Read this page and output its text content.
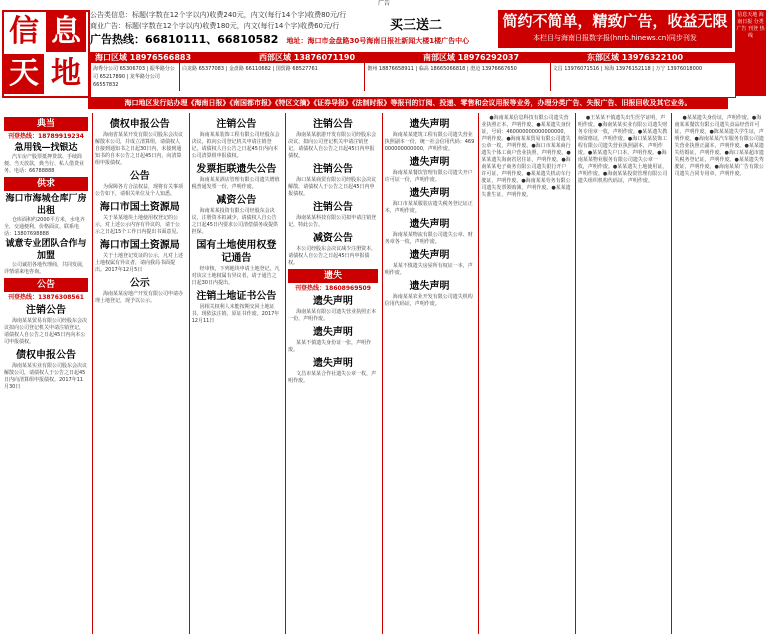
广告
信 息
天 地
公告类信息：标题(字数在12个字以内)收费240元，内文(每行14个字)收费80元/行
商业广告：标题(字数在12个字以内)收费180元，内文(每行14个字)收费60元/行
广告热线：66810111、66810582 地址：海口市金盘路30号海南日报社新闻大楼1楼广告中心
买三送二	简约不简单，精致广告，收益无限
本栏目与海南日报数字报(hnrb.hinews.cn)同步刊发
信息天地 海南日报 分类广告 刊登 热线
海口区域 18976566883	西部区域 13876071190	南部区域 18976292037	东部区域 13976322100
海秀分公司 65306703 | 振华路分公司 65217890 | 龙华路分公司 66557832
白龙路 65377083 | 金盘路 66110682 | 国贸路 68527761	儋州 18876658911 | 临高 18665066818 | 澄迈 13976667650	文昌 13976071516 | 琼海 13976152118 | 万宁 13976018000
海口地区发行站办理《海南日报》《南国都市报》《特区文摘》《证券导报》《法制时报》等报刊的订阅、投递、零售和会议用报等业务，办理分类广告、失报广告、旧报回收及其它业务。
典当
刊登热线：18789919234
急用钱—找银达
汽车房产股票抵押贷款、手续简便、当天放款，典当行、私人借贷业务。电话：66788888
供求
海口市海城仓库厂房出租
仓库面积约2000平方米，水电齐全，交通便利，价格面议。联系电话：13807698888
诚意专业团队合作与加盟
公司诚招各地代理商，共同发展，详情请来电咨询。
公告
刊登热线：13876308561
注销公告
海南某某贸易有限公司经股东会决议拟向公司登记机关申请注销登记，请债权人自公告之日起45日内向本公司申报债权。
债权申报公告
海南某某实业有限公司股东会决议解散公司，请债权人于公告之日起45日内向清算组申报债权。2017年11月30日
债权申报公告
海南省某某开发有限公司股东会决议解散本公司，并成立清算组，请债权人自接到通知书之日起30日内，未接到通知书的自本公告之日起45日内，向清算组申报债权。
公告
为保障各方合法权益，现将有关事项公告如下，请相关单位及个人知悉。
海口市国土资源局
关于某某地块土地使用权登记的公示，对上述公示内容有异议的，请于公示之日起15个工作日内提出书面意见。
海口市国土资源局
关于土地登记发证的公示，凡对上述土地权属有异议者，请向我局书面提出。2017年12月5日
公示
海南某某房地产开发有限公司申请办理土地登记，现予以公示。
注销公告
海南某某装饰工程有限公司经股东会决议，拟向公司登记机关申请注销登记，请债权人自公告之日起45日内向本公司清算组申报债权。
发票拒联遗失公告
海南某某酒店管理有限公司遗失增值税普通发票一份，声明作废。
减资公告
海南某某投资有限公司经股东会决议，注册资本拟减少，请债权人自公告之日起45日内要求公司清偿债务或提供担保。
国有土地使用权登记通告
经审核，下列地块申请土地登记，凡对该宗土地权属有异议者，请于通告之日起30日内提出。
注销土地证书公告
因相关权利人未能按期交回土地证书，现依法注销，原证书作废。2017年12月11日
注销公告
海南某某旅游开发有限公司经股东会决议，拟向公司登记机关申请注销登记，请债权人自公告之日起45日内申报债权。
注销公告
海口某某商贸有限公司经股东会决议解散，请债权人于公告之日起45日内申报债权。
注销公告
海南某某科技有限公司拟申请注销登记，特此公告。
减资公告
本公司经股东会决议减少注册资本，请债权人自公告之日起45日内申报债权。
遗失
刊登热线：18608969509
遗失声明
海南某某有限公司遗失营业执照正本一份，声明作废。
遗失声明
某某不慎遗失身份证一张，声明作废。
遗失声明
文昌市某某合作社遗失公章一枚，声明作废。
遗失声明
海南某某建筑工程有限公司遗失营业执照副本一份，统一社会信用代码：469000000000000，声明作废。
遗失声明
海南某某餐饮管理有限公司遗失开户许可证一份，声明作废。
遗失声明
海口市某某服装店遗失税务登记证正本，声明作废。
遗失声明
海南某某物流有限公司遗失公章、财务章各一枚，声明作废。
遗失声明
某某不慎遗失房屋所有权证一本，声明作废。
遗失声明
海南某某农业开发有限公司遗失机构信用代码证，声明作废。
●海南某某信息科技有限公司遗失营业执照正本，声明作废。●某某遗失身份证，号码：460000000000000000，声明作废。●海南某某贸易有限公司遗失公章一枚，声明作废。●海口市某某商行遗失个体工商户营业执照，声明作废。●某某遗失海南省居住证，声明作废。●海南某某电子商务有限公司遗失银行开户许可证，声明作废。●某某遗失机动车行驶证，声明作废。●海南某某劳务有限公司遗失发票领购簿，声明作废。●某某遗失准生证，声明作废。
●王某某不慎遗失出生医学证明，声明作废。●海南某某实业有限公司遗失财务专用章一枚，声明作废。●某某遗失教师资格证，声明作废。●海口某某装饰工程有限公司遗失营业执照副本，声明作废。●某某遗失户口本，声明作废。●海南某某物业服务有限公司遗失公章一枚，声明作废。●某某遗失土地使用证，声明作废。●海南某某投资管理有限公司遗失组织机构代码证，声明作废。
●某某遗失身份证，声明作废。●海南某某餐饮有限公司遗失食品经营许可证，声明作废。●陈某某遗失学生证，声明作废。●海南某某汽车服务有限公司遗失营业执照正副本，声明作废。●某某遗失结婚证，声明作废。●海口某某超市遗失税务登记证，声明作废。●某某遗失驾驶证，声明作废。●海南某某广告有限公司遗失合同专用章，声明作废。
